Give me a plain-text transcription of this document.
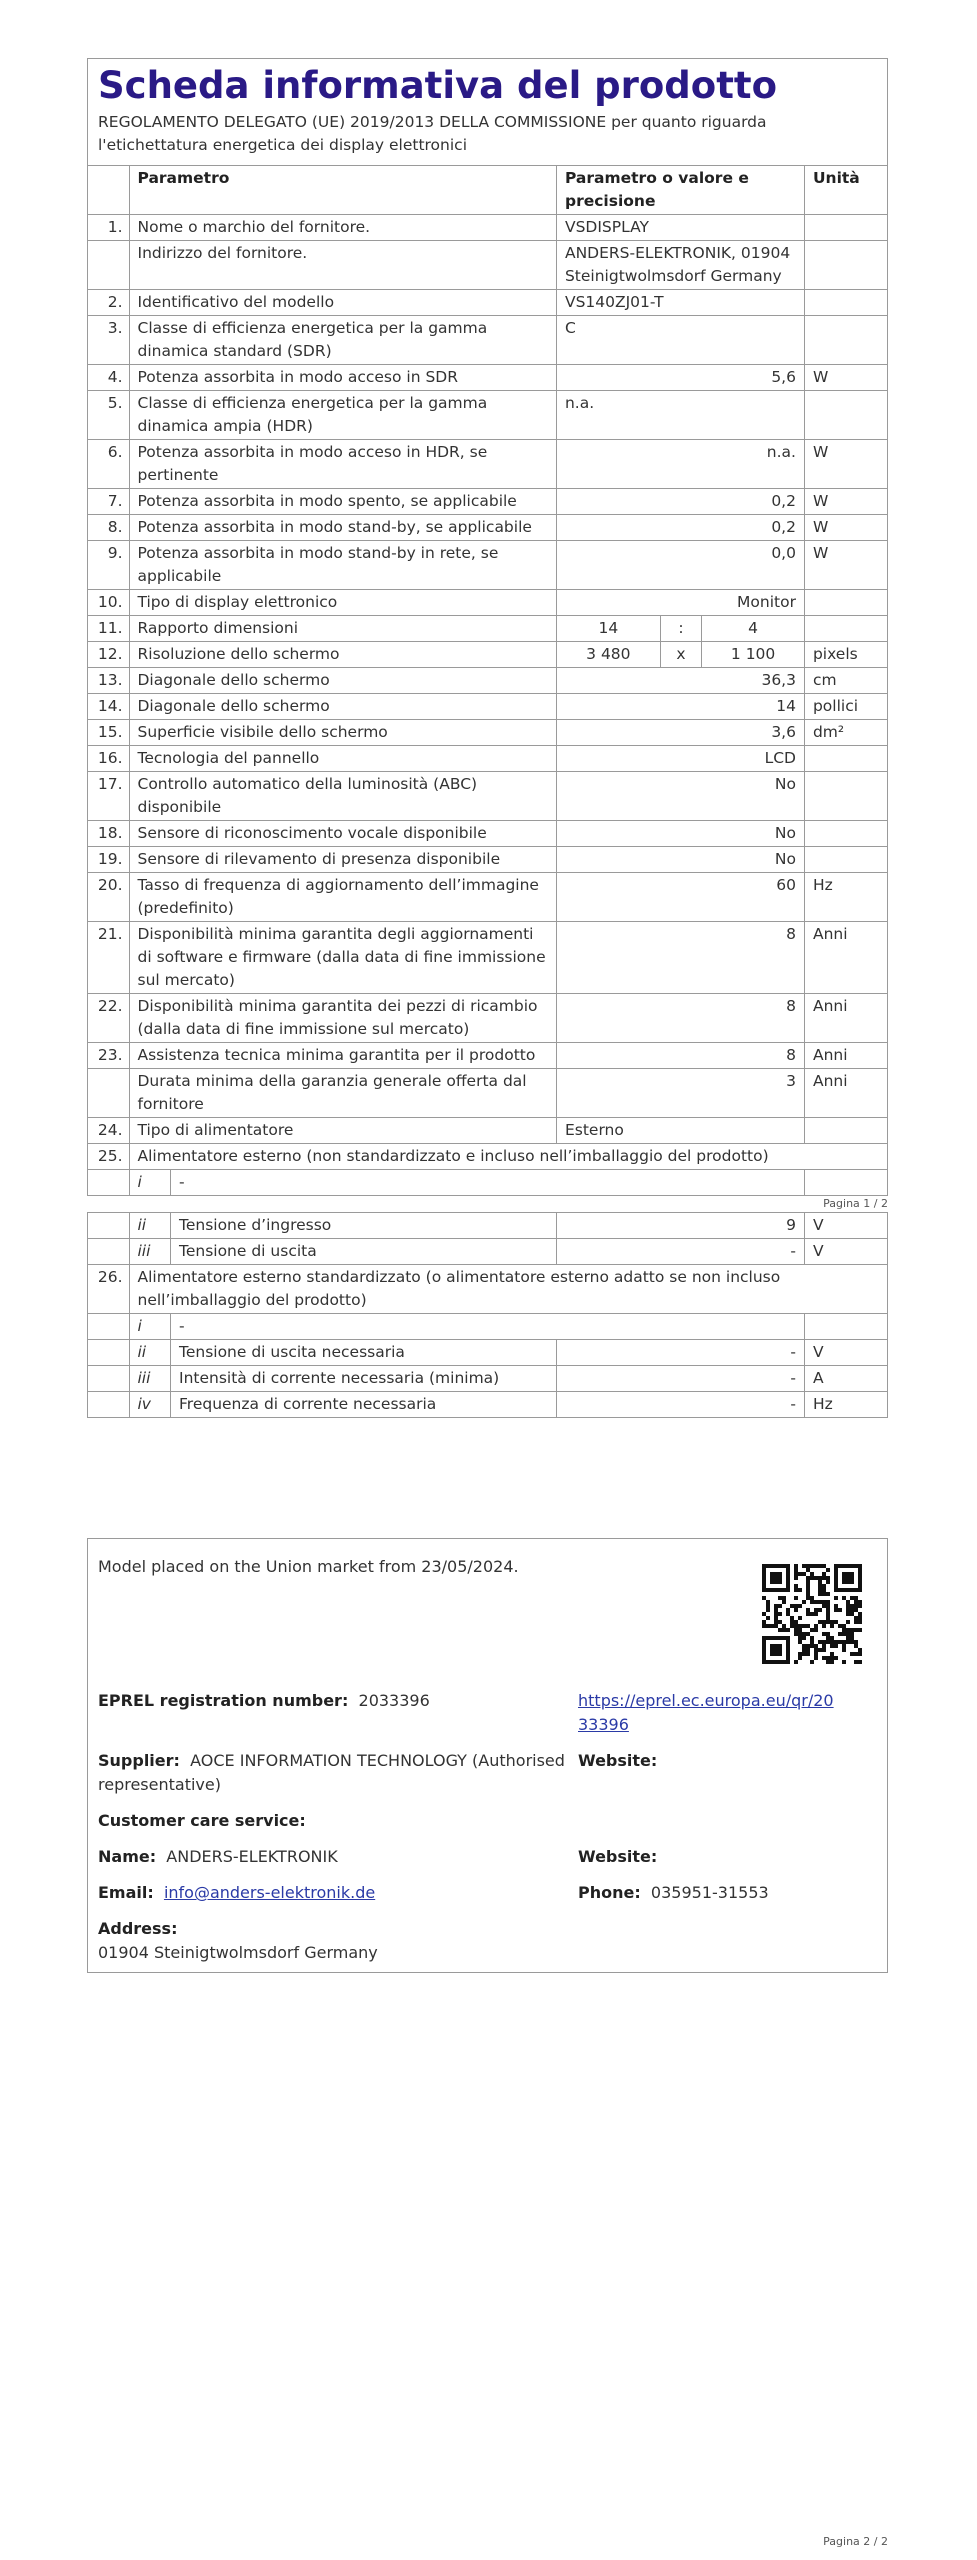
Scheda informativa del prodotto
REGOLAMENTO DELEGATO (UE) 2019/2013 DELLA COMMISSIONE per quanto riguarda l'etichettatura energetica dei display elettronici
	Parametro		Parametro o valore e precisione			Unità
1.	Nome o marchio del fornitore.		VSDISPLAY			
	Indirizzo del fornitore.		ANDERS-ELEKTRONIK, 01904 Steinigtwolmsdorf Germany			
2.	Identificativo del modello		VS140ZJ01-T			
3.	Classe di efficienza energetica per la gamma dinamica standard (SDR)		C			
4.	Potenza assorbita in modo acceso in SDR		5,6			W
5.	Classe di efficienza energetica per la gamma dinamica ampia (HDR)		n.a.			
6.	Potenza assorbita in modo acceso in HDR, se pertinente		n.a.			W
7.	Potenza assorbita in modo spento, se applicabile		0,2			W
8.	Potenza assorbita in modo stand-by, se applicabile		0,2			W
9.	Potenza assorbita in modo stand-by in rete, se applicabile		0,0			W
10.	Tipo di display elettronico		Monitor			
11.	Rapporto dimensioni		14	:	4	
12.	Risoluzione dello schermo		3 480	x	1 100	pixels
13.	Diagonale dello schermo		36,3			cm
14.	Diagonale dello schermo		14			pollici
15.	Superficie visibile dello schermo		3,6			dm²
16.	Tecnologia del pannello		LCD			
17.	Controllo automatico della luminosità (ABC) disponibile		No			
18.	Sensore di riconoscimento vocale disponibile		No			
19.	Sensore di rilevamento di presenza disponibile		No			
20.	Tasso di frequenza di aggiornamento dell’immagine (predefinito)		60			Hz
21.	Disponibilità minima garantita degli aggiornamenti di software e firmware (dalla data di fine immissione sul mercato)		8			Anni
22.	Disponibilità minima garantita dei pezzi di ricambio (dalla data di fine immissione sul mercato)		8			Anni
23.	Assistenza tecnica minima garantita per il prodotto		8			Anni
	Durata minima della garanzia generale offerta dal fornitore		3			Anni
24.	Tipo di alimentatore		Esterno			
25.	Alimentatore esterno (non standardizzato e incluso nell’imballaggio del prodotto)					
	i	-				
Pagina 1 / 2
	ii	Tensione d’ingresso	9	V
	iii	Tensione di uscita	-	V
26.	Alimentatore esterno standardizzato (o alimentatore esterno adatto se non incluso nell’imballaggio del prodotto)			
	i	-		
	ii	Tensione di uscita necessaria	-	V
	iii	Intensità di corrente necessaria (minima)	-	A
	iv	Frequenza di corrente necessaria	-	Hz
Model placed on the Union market from 23/05/2024.
EPREL registration number: 2033396	https://eprel.ec.europa.eu/qr/20
33396
Supplier: AOCE INFORMATION TECHNOLOGY (Authorised
representative)
Website:
Customer care service:
Name: ANDERS-ELEKTRONIK	Website:
Email: info@anders-elektronik.de	Phone: 035951-31553
Address:
01904 Steinigtwolmsdorf Germany
Pagina 2 / 2
